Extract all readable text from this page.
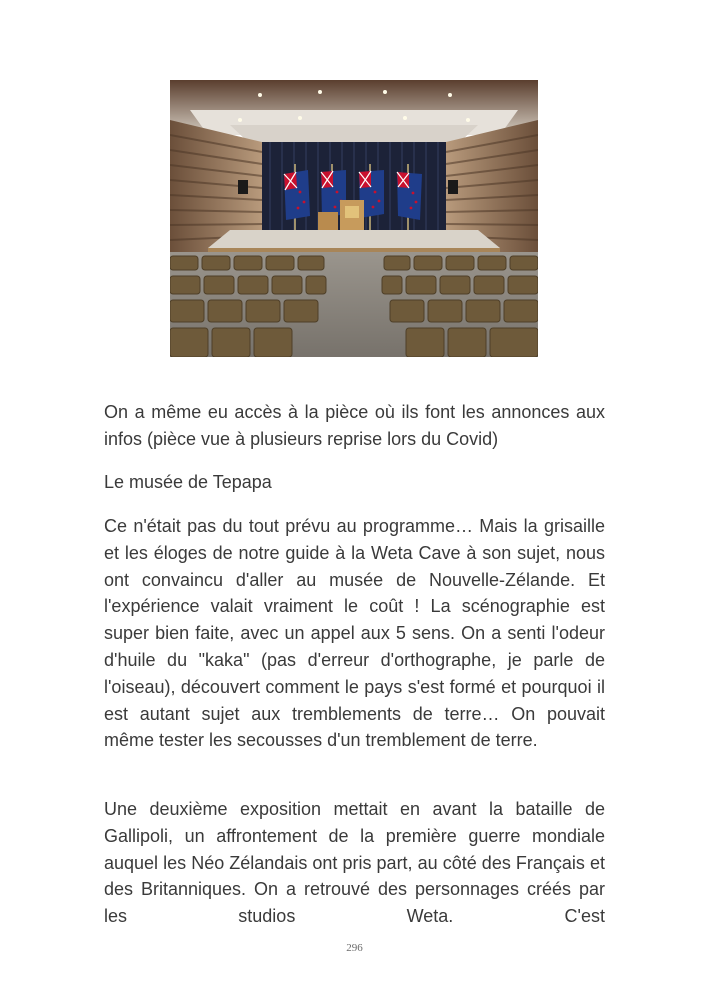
On a même eu accès à la pièce où ils font les annonces aux infos (pièce vue à plusieurs reprise lors du Covid)

Le musée de Tepapa

Ce n'était pas du tout prévu au programme… Mais la grisaille et les éloges de notre guide à la Weta Cave à son sujet, nous ont convaincu d'aller au musée de Nouvelle-Zélande. Et l'expérience valait vraiment le coût ! La scénographie est super bien faite, avec un appel aux 5 sens. On a senti l'odeur d'huile du "kaka" (pas d'erreur d'orthographe, je parle de l'oiseau), découvert comment le pays s'est formé et pourquoi il est autant sujet aux tremblements de terre… On pouvait même tester les secousses d'un tremblement de terre.

Une deuxième exposition mettait en avant la bataille de Gallipoli, un affrontement de la première guerre mondiale auquel les Néo Zélandais ont pris part, au côté des Français et des Britanniques. On a retrouvé des personnages créés par les studios Weta. C'est

296
